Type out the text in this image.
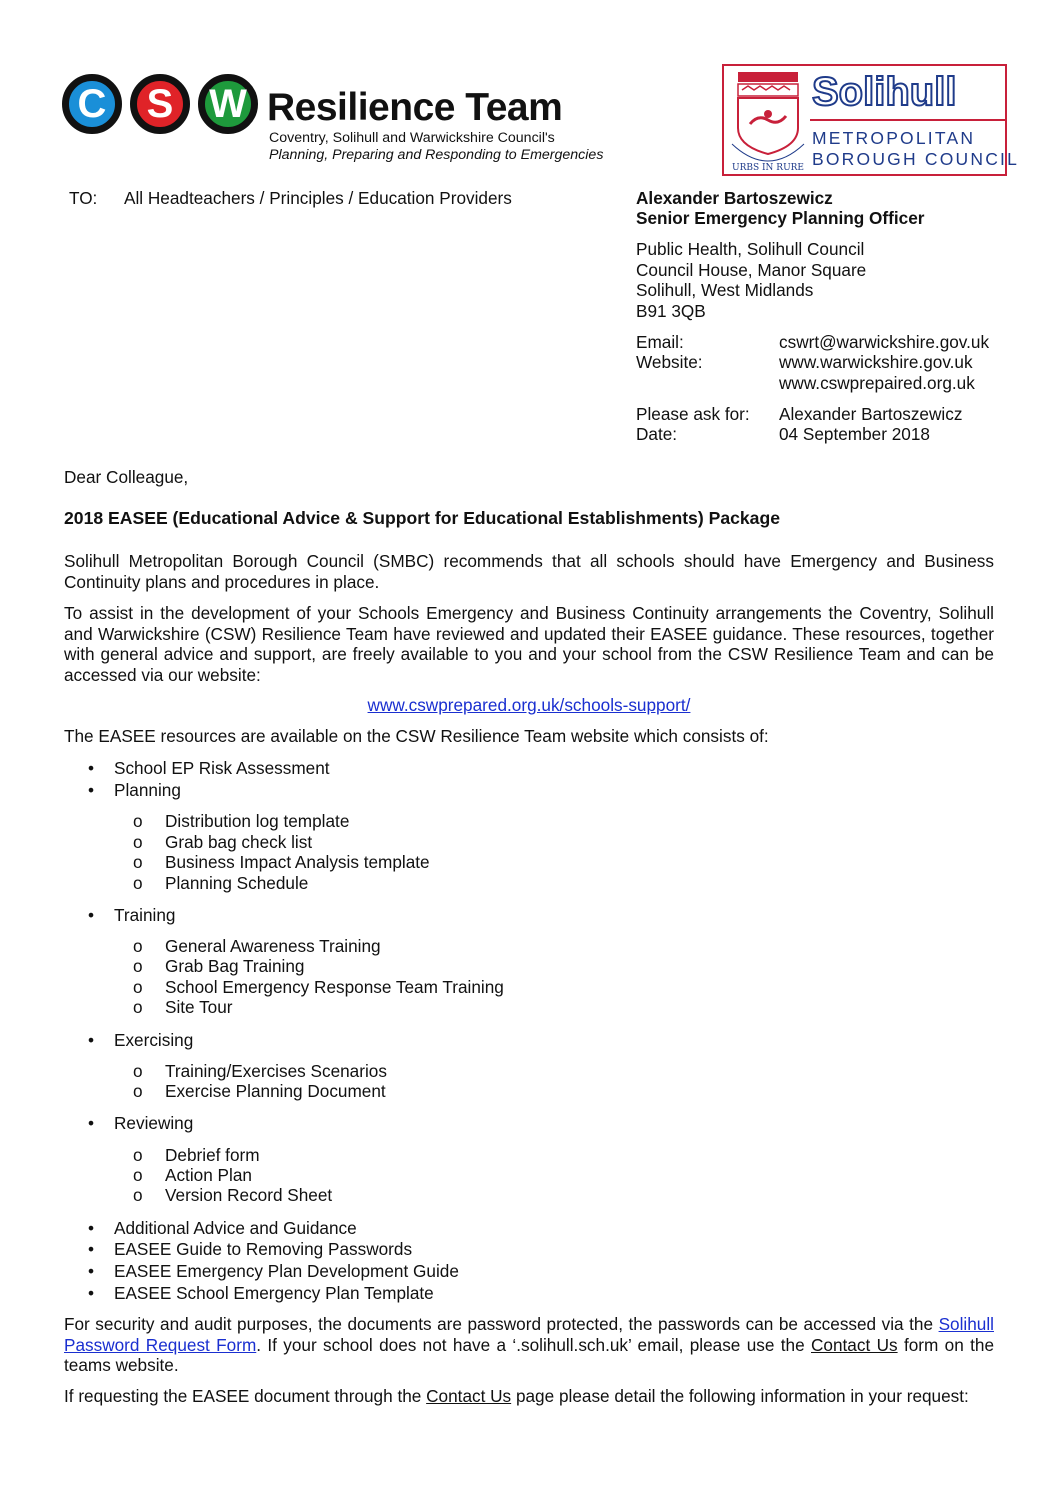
C	S W Resilience Team
Coventry, Solihull and Warwickshire Council's
Planning, Preparing and Responding to Emergencies
URBS IN RURE
Solihull
METROPOLITAN
BOROUGH COUNCIL
TO: All Headteachers / Principles / Education Providers	Alexander Bartoszewicz
Senior Emergency Planning Officer
Public Health, Solihull Council
Council House, Manor Square
Solihull, West Midlands
B91 3QB
Email:	cswrt@warwickshire.gov.uk
Website:	www.warwickshire.gov.uk
www.cswprepaired.org.uk
Please ask for: Alexander Bartoszewicz
Date:	04 September 2018
Dear Colleague,
2018 EASEE (Educational Advice & Support for Educational Establishments) Package
Solihull Metropolitan Borough Council (SMBC) recommends that all schools should have Emergency and Business Continuity plans and procedures in place.
To assist in the development of your Schools Emergency and Business Continuity arrangements the Coventry, Solihull and Warwickshire (CSW) Resilience Team have reviewed and updated their EASEE guidance. These resources, together with general advice and support, are freely available to you and your school from the CSW Resilience Team and can be accessed via our website:
www.cswprepared.org.uk/schools-support/
The EASEE resources are available on the CSW Resilience Team website which consists of:
• School EP Risk Assessment
• Planning
o Distribution log template
o Grab bag check list
o Business Impact Analysis template
o Planning Schedule
• Training
o General Awareness Training
o Grab Bag Training
o School Emergency Response Team Training
o Site Tour
• Exercising
o Training/Exercises Scenarios
o Exercise Planning Document
• Reviewing
o Debrief form
o Action Plan
o Version Record Sheet
• Additional Advice and Guidance
• EASEE Guide to Removing Passwords
• EASEE Emergency Plan Development Guide
• EASEE School Emergency Plan Template
For security and audit purposes, the documents are password protected, the passwords can be accessed via the Solihull Password Request Form. If your school does not have a ‘.solihull.sch.uk’ email, please use the Contact Us form on the teams website.
If requesting the EASEE document through the Contact Us page please detail the following information in your request:
